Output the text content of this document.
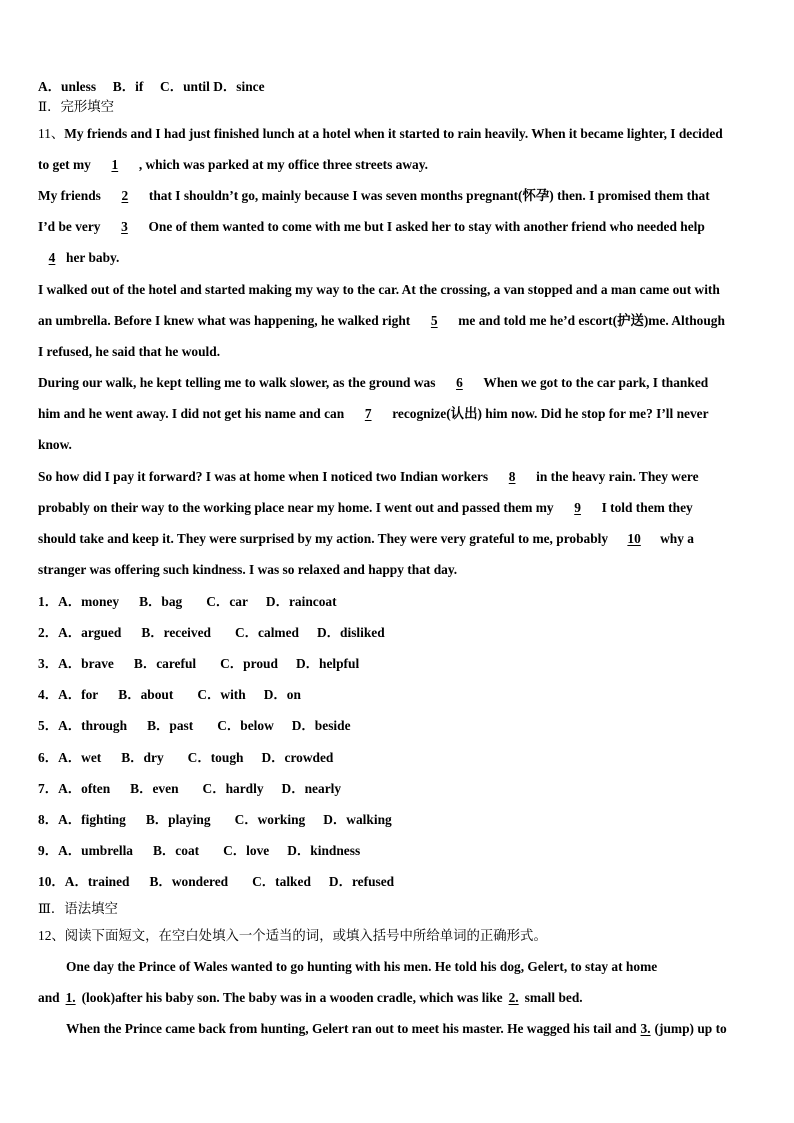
A．unless　 B．if　 C．until D．since
Ⅱ．完形填空
11、My friends and I had just finished lunch at a hotel when it started to rain heavily. When it became lighter, I decided
to get my 1 , which was parked at my office three streets away.
My friends 2 that I shouldn’t go, mainly because I was seven months pregnant(怀孕) then. I promised them that
I’d be very 3 One of them wanted to come with me but I asked her to stay with another friend who needed help
4 her baby.
I walked out of the hotel and started making my way to the car. At the crossing, a van stopped and a man came out with
an umbrella. Before I knew what was happening, he walked right 5 me and told me he’d escort(护送)me. Although
I refused, he said that he would.
During our walk, he kept telling me to walk slower, as the ground was 6 When we got to the car park, I thanked
him and he went away. I did not get his name and can 7 recognize(认出) him now. Did he stop for me? I’ll never
know.
So how did I pay it forward? I was at home when I noticed two Indian workers 8 in the heavy rain. They were
probably on their way to the working place near my home. I went out and passed them my 9 I told them they
should take and keep it. They were surprised by my action. They were very grateful to me, probably 10 why a
stranger was offering such kindness. I was so relaxed and happy that day.
1．A．money B．bag C．car D．raincoat
2．A．argued B．received C．calmed D．disliked
3．A．brave B．careful C．proud D．helpful
4．A．for B．about C．with D．on
5．A．through B．past C．below D．beside
6．A．wet B．dry C．tough D．crowded
7．A．often B．even C．hardly D．nearly
8．A．fighting B．playing C．working D．walking
9．A．umbrella B．coat C．love D．kindness
10．A．trained B．wondered C．talked D．refused
Ⅲ．语法填空
12、阅读下面短文，在空白处填入一个适当的词，或填入括号中所给单词的正确形式。
One day the Prince of Wales wanted to go hunting with his men. He told his dog, Gelert, to stay at home
and 1. (look)after his baby son. The baby was in a wooden cradle, which was like 2. small bed.
When the Prince came back from hunting, Gelert ran out to meet his master. He wagged his tail and 3. (jump) up to
